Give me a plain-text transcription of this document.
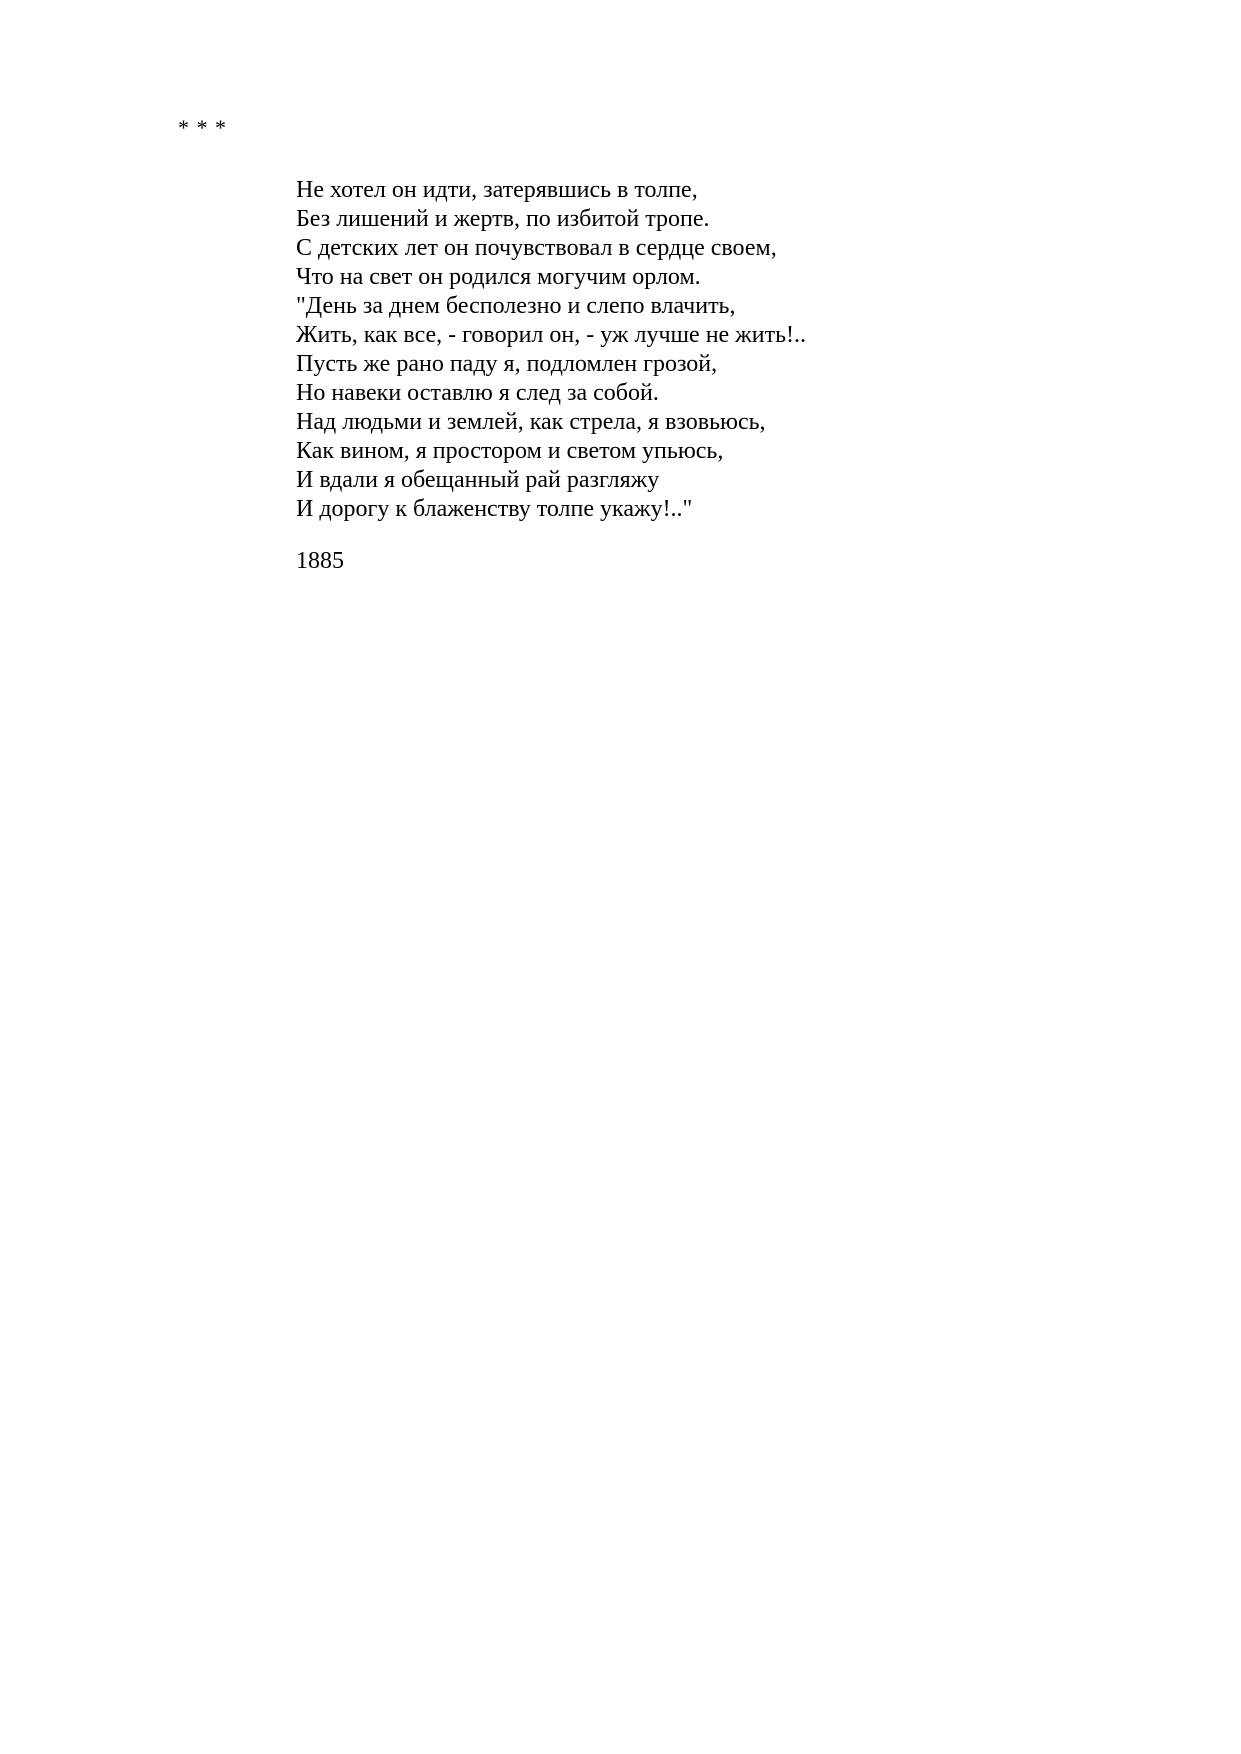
* * *

Не хотел он идти, затерявшись в толпе,
Без лишений и жертв, по избитой тропе.
С детских лет он почувствовал в сердце своем,
Что на свет он родился могучим орлом.
"День за днем бесполезно и слепо влачить,
Жить, как все, - говорил он, - уж лучше не жить!..
Пусть же рано паду я, подломлен грозой,
Но навеки оставлю я след за собой.
Над людьми и землей, как стрела, я взовьюсь,
Как вином, я простором и светом упьюсь,
И вдали я обещанный рай разгляжу
И дорогу к блаженству толпе укажу!.."

1885
